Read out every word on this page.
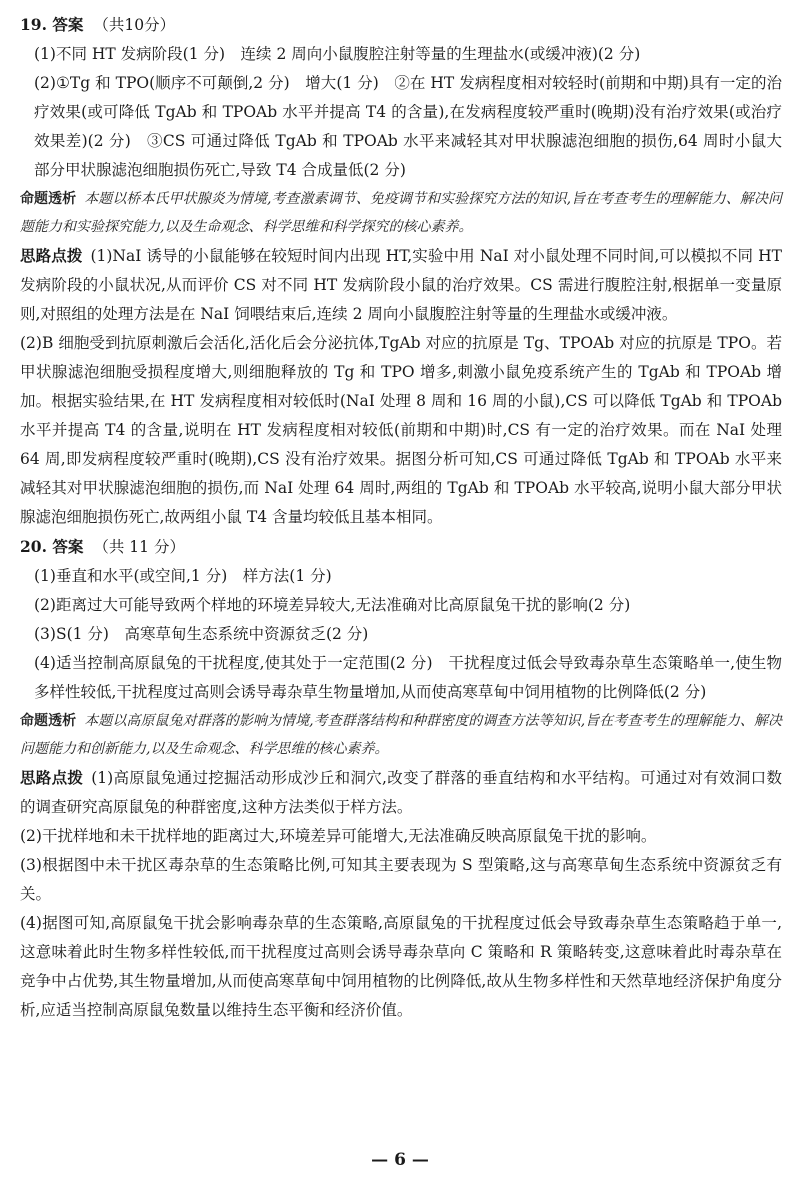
19. 答案 （共10分）

(1)不同 HT 发病阶段(1 分)　连续 2 周向小鼠腹腔注射等量的生理盐水(或缓冲液)(2 分)

(2)①Tg 和 TPO(顺序不可颠倒,2 分)　增大(1 分)　②在 HT 发病程度相对较轻时(前期和中期)具有一定的治疗效果(或可降低 TgAb 和 TPOAb 水平并提高 T4 的含量),在发病程度较严重时(晚期)没有治疗效果(或治疗效果差)(2 分)　③CS 可通过降低 TgAb 和 TPOAb 水平来减轻其对甲状腺滤泡细胞的损伤,64 周时小鼠大部分甲状腺滤泡细胞损伤死亡,导致 T4 合成量低(2 分)

命题透析 本题以桥本氏甲状腺炎为情境,考查激素调节、免疫调节和实验探究方法的知识,旨在考查考生的理解能力、解决问题能力和实验探究能力,以及生命观念、科学思维和科学探究的核心素养。

思路点拨 (1)NaI 诱导的小鼠能够在较短时间内出现 HT,实验中用 NaI 对小鼠处理不同时间,可以模拟不同 HT 发病阶段的小鼠状况,从而评价 CS 对不同 HT 发病阶段小鼠的治疗效果。CS 需进行腹腔注射,根据单一变量原则,对照组的处理方法是在 NaI 饲喂结束后,连续 2 周向小鼠腹腔注射等量的生理盐水或缓冲液。

(2)B 细胞受到抗原刺激后会活化,活化后会分泌抗体,TgAb 对应的抗原是 Tg、TPOAb 对应的抗原是 TPO。若甲状腺滤泡细胞受损程度增大,则细胞释放的 Tg 和 TPO 增多,刺激小鼠免疫系统产生的 TgAb 和 TPOAb 增加。根据实验结果,在 HT 发病程度相对较低时(NaI 处理 8 周和 16 周的小鼠),CS 可以降低 TgAb 和 TPOAb 水平并提高 T4 的含量,说明在 HT 发病程度相对较低(前期和中期)时,CS 有一定的治疗效果。而在 NaI 处理 64 周,即发病程度较严重时(晚期),CS 没有治疗效果。据图分析可知,CS 可通过降低 TgAb 和 TPOAb 水平来减轻其对甲状腺滤泡细胞的损伤,而 NaI 处理 64 周时,两组的 TgAb 和 TPOAb 水平较高,说明小鼠大部分甲状腺滤泡细胞损伤死亡,故两组小鼠 T4 含量均较低且基本相同。

20. 答案 （共 11 分）

(1)垂直和水平(或空间,1 分)　样方法(1 分)

(2)距离过大可能导致两个样地的环境差异较大,无法准确对比高原鼠兔干扰的影响(2 分)

(3)S(1 分)　高寒草甸生态系统中资源贫乏(2 分)

(4)适当控制高原鼠兔的干扰程度,使其处于一定范围(2 分)　干扰程度过低会导致毒杂草生态策略单一,使生物多样性较低,干扰程度过高则会诱导毒杂草生物量增加,从而使高寒草甸中饲用植物的比例降低(2 分)

命题透析 本题以高原鼠兔对群落的影响为情境,考查群落结构和种群密度的调查方法等知识,旨在考查考生的理解能力、解决问题能力和创新能力,以及生命观念、科学思维的核心素养。

思路点拨 (1)高原鼠兔通过挖掘活动形成沙丘和洞穴,改变了群落的垂直结构和水平结构。可通过对有效洞口数的调查研究高原鼠兔的种群密度,这种方法类似于样方法。

(2)干扰样地和未干扰样地的距离过大,环境差异可能增大,无法准确反映高原鼠兔干扰的影响。

(3)根据图中未干扰区毒杂草的生态策略比例,可知其主要表现为 S 型策略,这与高寒草甸生态系统中资源贫乏有关。

(4)据图可知,高原鼠兔干扰会影响毒杂草的生态策略,高原鼠兔的干扰程度过低会导致毒杂草生态策略趋于单一,这意味着此时生物多样性较低,而干扰程度过高则会诱导毒杂草向 C 策略和 R 策略转变,这意味着此时毒杂草在竞争中占优势,其生物量增加,从而使高寒草甸中饲用植物的比例降低,故从生物多样性和天然草地经济保护角度分析,应适当控制高原鼠兔数量以维持生态平衡和经济价值。

— 6 —
